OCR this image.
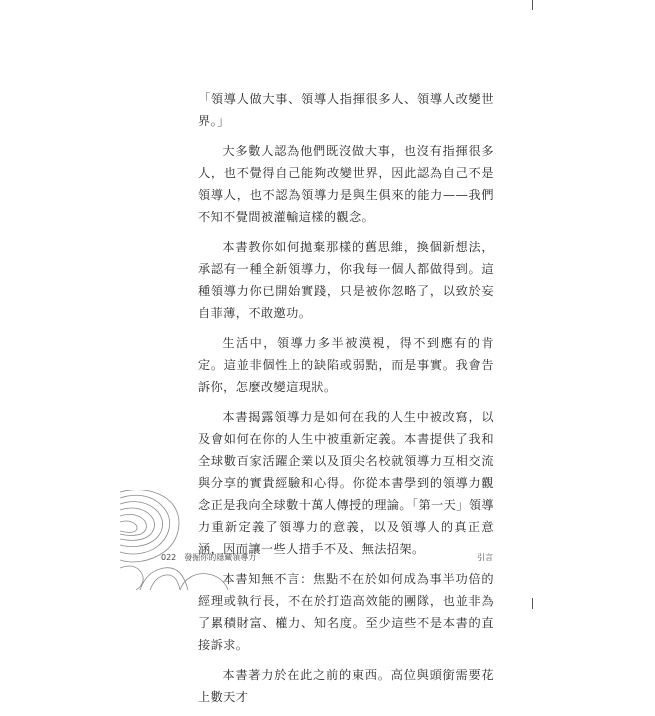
「領導人做大事、領導人指揮很多人、領導人改變世界。」

大多數人認為他們既沒做大事，也沒有指揮很多人，也不覺得自己能夠改變世界，因此認為自己不是領導人，也不認為領導力是與生俱來的能力——我們不知不覺間被灌輸這樣的觀念。

本書教你如何拋棄那樣的舊思維，換個新想法，承認有一種全新領導力，你我每一個人都做得到。這種領導力你已開始實踐，只是被你忽略了，以致於妄自菲薄，不敢邀功。

生活中，領導力多半被漠視，得不到應有的肯定。這並非個性上的缺陷或弱點，而是事實。我會告訴你，怎麼改變這現狀。

本書揭露領導力是如何在我的人生中被改寫，以及會如何在你的人生中被重新定義。本書提供了我和全球數百家活躍企業以及頂尖名校就領導力互相交流與分享的實貴經驗和心得。你從本書學到的領導力觀念正是我向全球數十萬人傳授的理論。「第一天」領導力重新定義了領導力的意義，以及領導人的真正意涵，因而讓一些人措手不及、無法招架。

本書知無不言：焦點不在於如何成為事半功倍的經理或執行長，不在於打造高效能的團隊，也並非為了累積財富、權力、知名度。至少這些不是本書的直接訴求。

本書著力於在此之前的東西。高位與頭銜需要花上數天才

022 發掘你的隱藏領導力	引言
